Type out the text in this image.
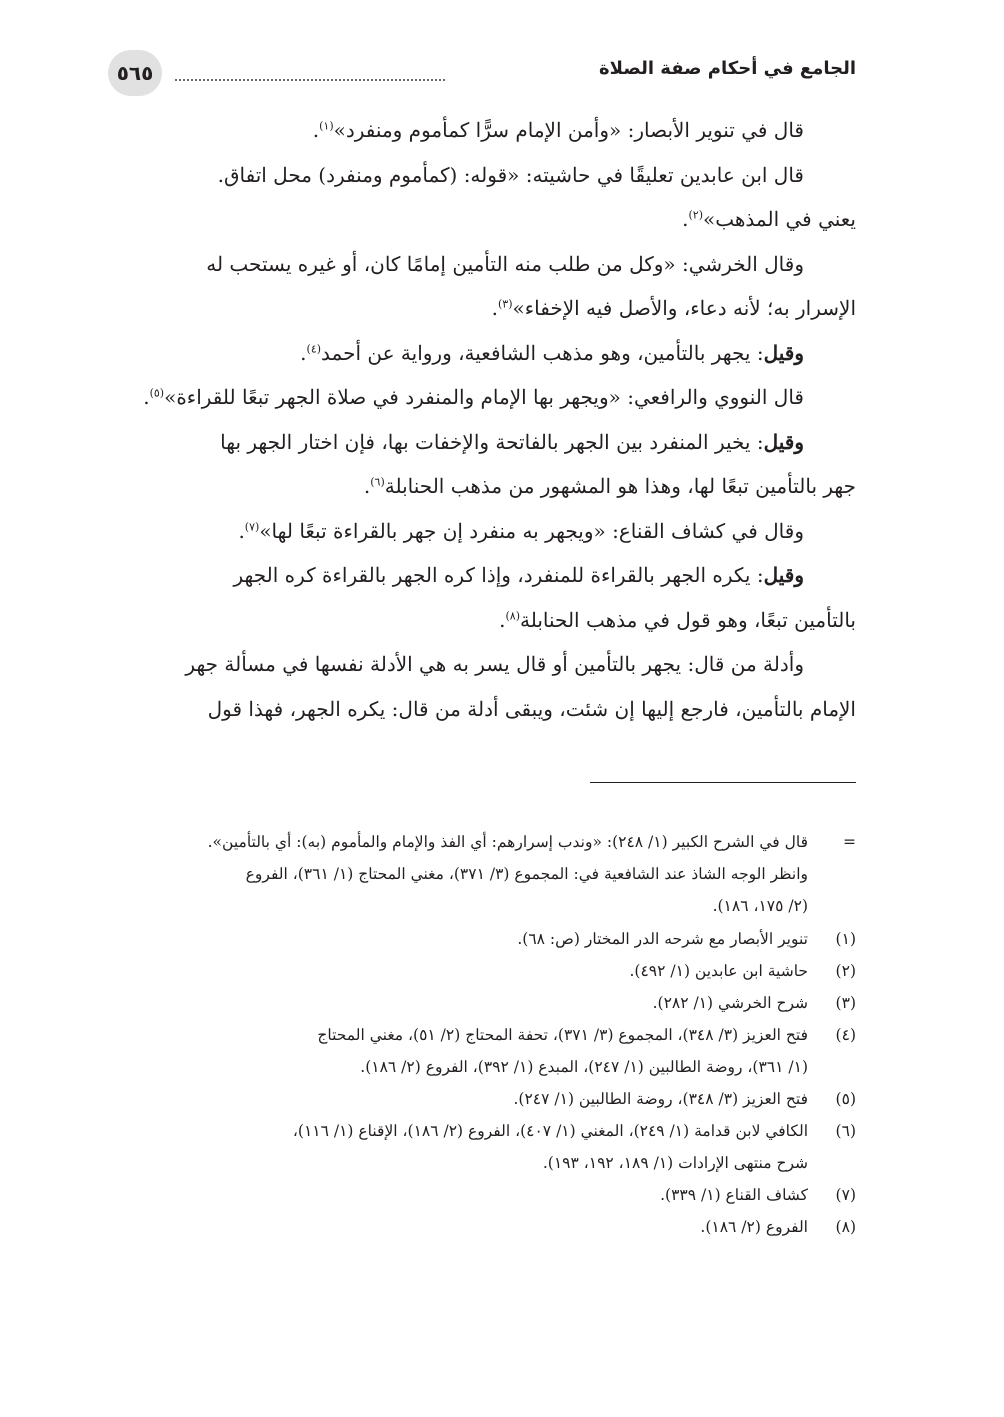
٥٦٥	الجامع في أحكام صفة الصلاة

قال في تنوير الأبصار: «وأمن الإمام سرًّا كمأموم ومنفرد»$^{(١)}$.

قال ابن عابدين تعليقًا في حاشيته: «قوله: (كمأموم ومنفرد) محل اتفاق.

يعني في المذهب»$^{(٢)}$.

وقال الخرشي: «وكل من طلب منه التأمين إمامًا كان، أو غيره يستحب له

الإسرار به؛ لأنه دعاء، والأصل فيه الإخفاء»$^{(٣)}$.

وقيل: يجهر بالتأمين، وهو مذهب الشافعية، ورواية عن أحمد$^{(٤)}$.

قال النووي والرافعي: «ويجهر بها الإمام والمنفرد في صلاة الجهر تبعًا للقراءة»$^{(٥)}$.

وقيل: يخير المنفرد بين الجهر بالفاتحة والإخفات بها، فإن اختار الجهر بها

جهر بالتأمين تبعًا لها، وهذا هو المشهور من مذهب الحنابلة$^{(٦)}$.

وقال في كشاف القناع: «ويجهر به منفرد إن جهر بالقراءة تبعًا لها»$^{(٧)}$.

وقيل: يكره الجهر بالقراءة للمنفرد، وإذا كره الجهر بالقراءة كره الجهر

بالتأمين تبعًا، وهو قول في مذهب الحنابلة$^{(٨)}$.

وأدلة من قال: يجهر بالتأمين أو قال يسر به هي الأدلة نفسها في مسألة جهر

الإمام بالتأمين، فارجع إليها إن شئت، ويبقى أدلة من قال: يكره الجهر، فهذا قول

=
قال في الشرح الكبير (١/ ٢٤٨): «وندب إسرارهم: أي الفذ والإمام والمأموم (به): أي بالتأمين».
وانظر الوجه الشاذ عند الشافعية في: المجموع (٣/ ٣٧١)، مغني المحتاج (١/ ٣٦١)، الفروع
(٢/ ١٧٥، ١٨٦).
(١)
تنوير الأبصار مع شرحه الدر المختار (ص: ٦٨).
(٢)
حاشية ابن عابدين (١/ ٤٩٢).
(٣)
شرح الخرشي (١/ ٢٨٢).
(٤)
فتح العزيز (٣/ ٣٤٨)، المجموع (٣/ ٣٧١)، تحفة المحتاج (٢/ ٥١)، مغني المحتاج
(١/ ٣٦١)، روضة الطالبين (١/ ٢٤٧)، المبدع (١/ ٣٩٢)، الفروع (٢/ ١٨٦).
(٥)
فتح العزيز (٣/ ٣٤٨)، روضة الطالبين (١/ ٢٤٧).
(٦)
الكافي لابن قدامة (١/ ٢٤٩)، المغني (١/ ٤٠٧)، الفروع (٢/ ١٨٦)، الإقناع (١/ ١١٦)،
شرح منتهى الإرادات (١/ ١٨٩، ١٩٢، ١٩٣).
(٧)
كشاف القناع (١/ ٣٣٩).
(٨)
الفروع (٢/ ١٨٦).
